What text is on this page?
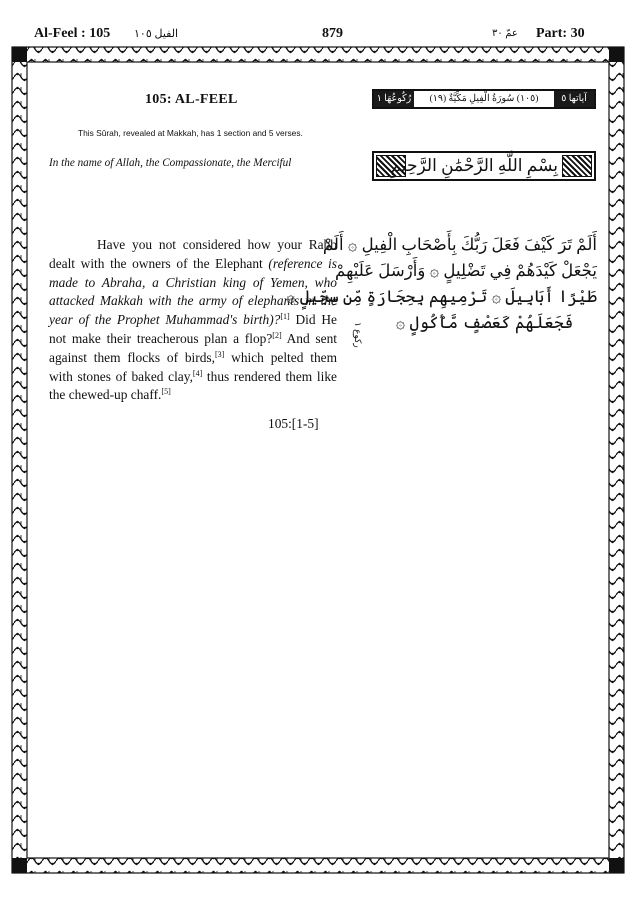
Al-Feel : 105 الفيل ١٠٥	879	عمّ ٣٠ Part: 30
105: AL-FEEL
This Sûrah, revealed at Makkah, has 1 section and 5 verses.
In the name of Allah, the Compassionate, the Merciful
Have you not considered how your Rabb dealt with the owners of the Elephant (reference is made to Abraha, a Christian king of Yemen, who attacked Makkah with the army of elephants in the year of the Prophet Muhammad's birth)?[1] Did He not make their treacherous plan a flop?[2] And sent against them flocks of birds,[3] which pelted them with stones of baked clay,[4] thus rendered them like the chewed-up chaff.[5]
105:[1-5]
ركوع ١
رُكُوعُهَا ١	(١٠٥) سُورَةُ الْفِيلِ مَكِّيَّةٌ (١٩)	آياتها ٥
بِسْمِ اللَّهِ الرَّحْمَٰنِ الرَّحِيمِ
أَلَمْ تَرَ كَيْفَ فَعَلَ رَبُّكَ بِأَصْحَابِ الْفِيلِ ۞ أَلَمْ
يَجْعَلْ كَيْدَهُمْ فِي تَضْلِيلٍ ۞ وَأَرْسَلَ عَلَيْهِمْ
طَيْرًا أَبَابِيلَ ۞ تَرْمِيهِم بِحِجَارَةٍ مِّن سِجِّيلٍ ۞
فَجَعَلَهُمْ كَعَصْفٍ مَّأْكُولٍ ۞
